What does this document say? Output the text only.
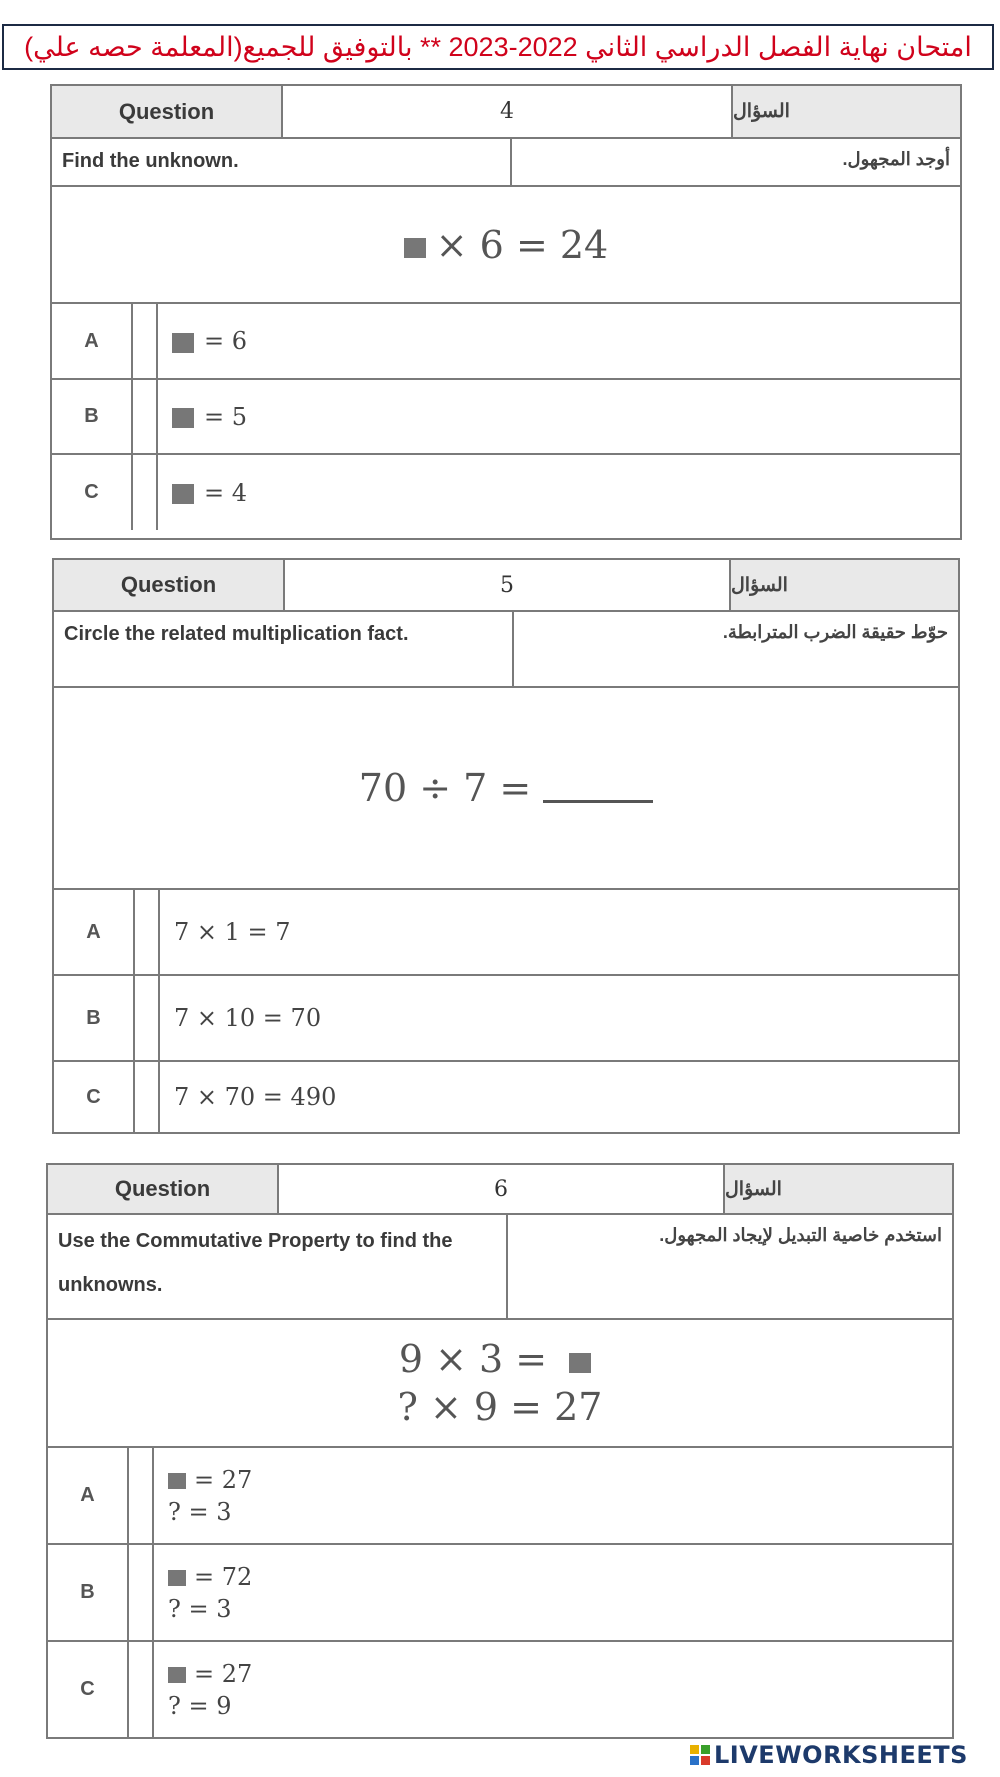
امتحان نهاية الفصل الدراسي الثاني 2022-2023 ** بالتوفيق للجميع(المعلمة حصه علي)
Question	4	السؤال
Find the unknown.	أوجد المجهول.
× 6 = 24
A	= 6
B	= 5
C	= 4
Question	5	السؤال
Circle the related multiplication fact.	حوّط حقيقة الضرب المترابطة.
70 ÷ 7 =
A	7 × 1 = 7
B	7 × 10 = 70
C	7 × 70 = 490
Question	6	السؤال
Use the Commutative Property to find the unknowns.
استخدم خاصية التبديل لإيجاد المجهول.
9 × 3 =
? × 9 = 27
A
= 27
? = 3
B
= 72
? = 3
C
= 27
? = 9
LIVEWORKSHEETS
